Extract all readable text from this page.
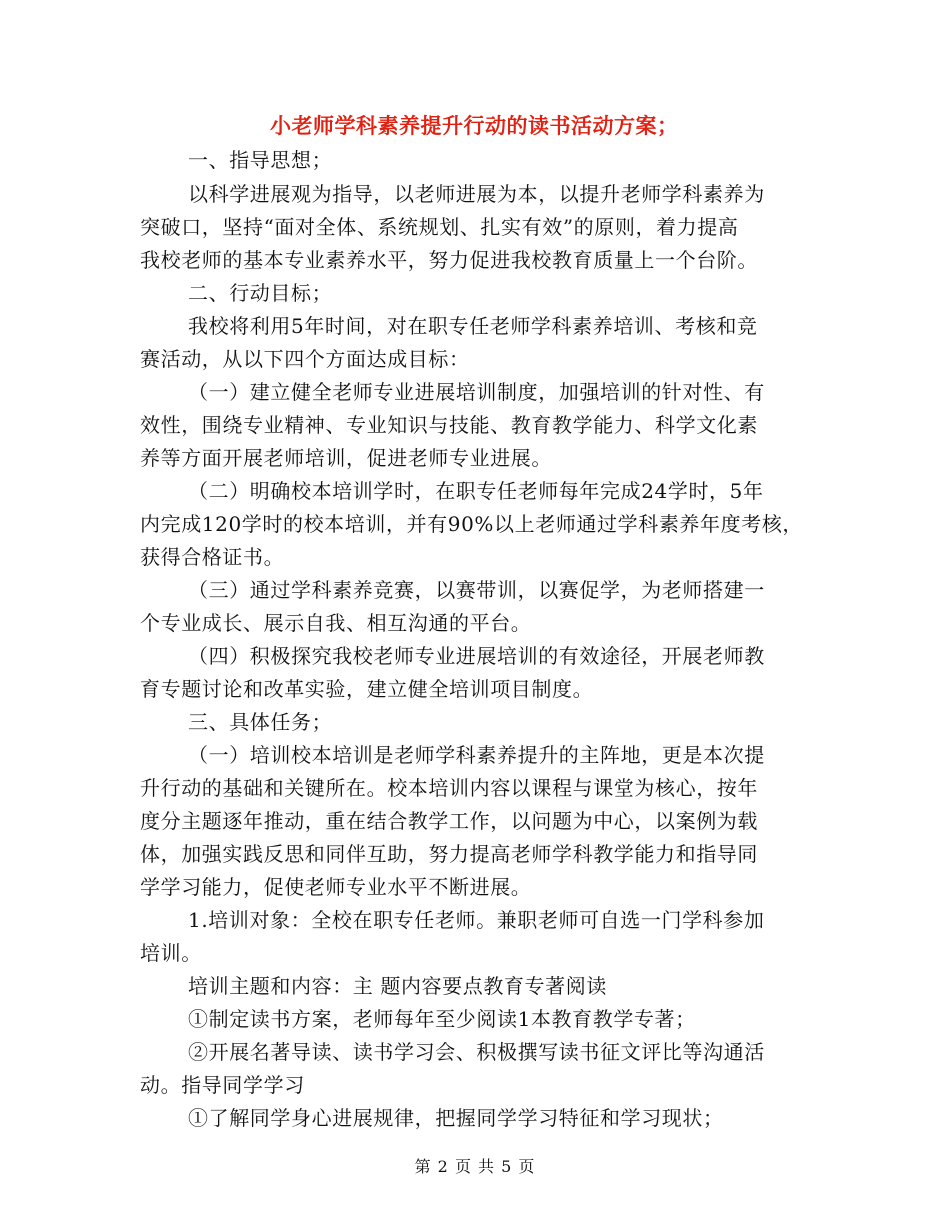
小老师学科素养提升行动的读书活动方案；
一、指导思想；
以科学进展观为指导，以老师进展为本，以提升老师学科素养为
突破口，坚持“面对全体、系统规划、扎实有效”的原则，着力提高
我校老师的基本专业素养水平，努力促进我校教育质量上一个台阶。
二、行动目标；
我校将利用5年时间，对在职专任老师学科素养培训、考核和竞
赛活动，从以下四个方面达成目标：
（一）建立健全老师专业进展培训制度，加强培训的针对性、有
效性，围绕专业精神、专业知识与技能、教育教学能力、科学文化素
养等方面开展老师培训，促进老师专业进展。
（二）明确校本培训学时，在职专任老师每年完成24学时，5年
内完成120学时的校本培训，并有90%以上老师通过学科素养年度考核，
获得合格证书。
（三）通过学科素养竞赛，以赛带训，以赛促学，为老师搭建一
个专业成长、展示自我、相互沟通的平台。
（四）积极探究我校老师专业进展培训的有效途径，开展老师教
育专题讨论和改革实验，建立健全培训项目制度。
三、具体任务；
（一）培训校本培训是老师学科素养提升的主阵地，更是本次提
升行动的基础和关键所在。校本培训内容以课程与课堂为核心，按年
度分主题逐年推动，重在结合教学工作，以问题为中心，以案例为载
体，加强实践反思和同伴互助，努力提高老师学科教学能力和指导同
学学习能力，促使老师专业水平不断进展。
1.培训对象：全校在职专任老师。兼职老师可自选一门学科参加
培训。
培训主题和内容：主 题内容要点教育专著阅读
①制定读书方案，老师每年至少阅读1本教育教学专著；
②开展名著导读、读书学习会、积极撰写读书征文评比等沟通活
动。指导同学学习
①了解同学身心进展规律，把握同学学习特征和学习现状；
第 2 页 共 5 页
